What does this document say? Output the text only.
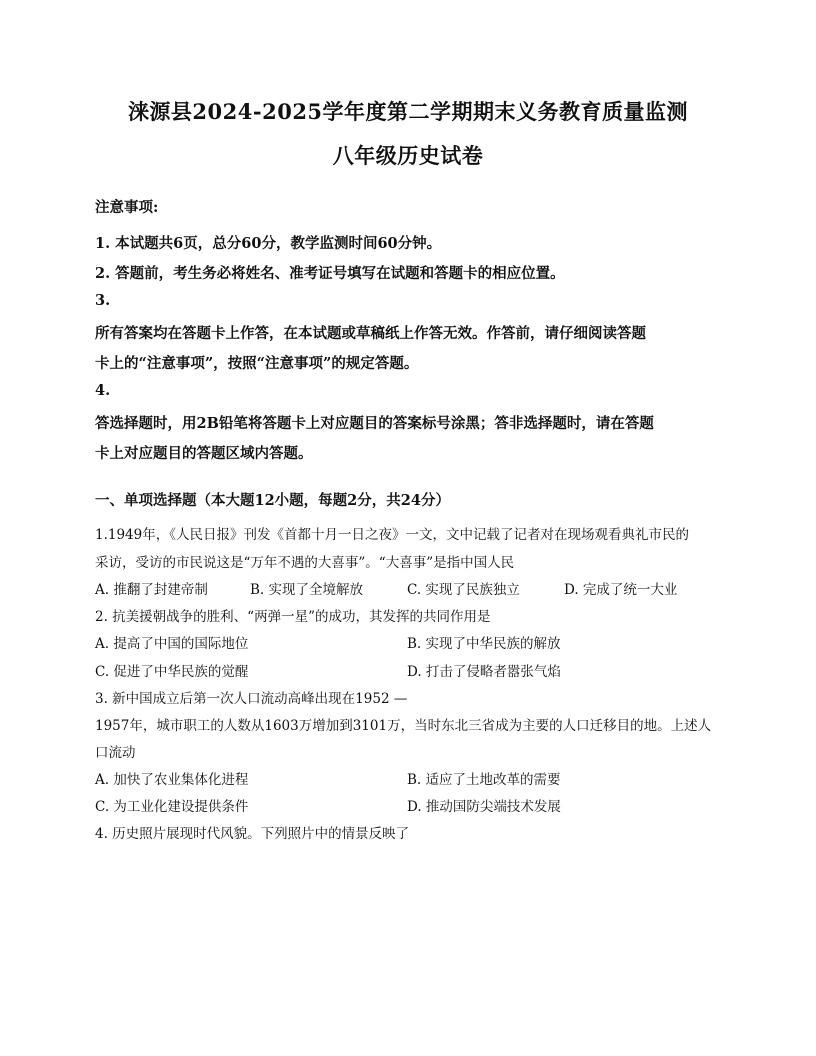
涞源县2024-2025学年度第二学期期末义务教育质量监测
八年级历史试卷
注意事项:
1. 本试题共6页，总分60分，教学监测时间60分钟。
2. 答题前，考生务必将姓名、准考证号填写在试题和答题卡的相应位置。
3.
所有答案均在答题卡上作答，在本试题或草稿纸上作答无效。作答前，请仔细阅读答题
卡上的“注意事项”，按照“注意事项”的规定答题。
4.
答选择题时，用2B铅笔将答题卡上对应题目的答案标号涂黑；答非选择题时，请在答题
卡上对应题目的答题区域内答题。
一、单项选择题（本大题12小题，每题2分，共24分）
1.1949年，《人民日报》刊发《首都十月一日之夜》一文，文中记载了记者对在现场观看典礼市民的
采访，受访的市民说这是“万年不遇的大喜事”。“大喜事”是指中国人民
A. 推翻了封建帝制	B. 实现了全境解放	C. 实现了民族独立	D. 完成了统一大业
2. 抗美援朝战争的胜利、“两弹一星”的成功，其发挥的共同作用是
A. 提高了中国的国际地位	B. 实现了中华民族的解放
C. 促进了中华民族的觉醒	D. 打击了侵略者嚣张气焰
3. 新中国成立后第一次人口流动高峰出现在1952 —
1957年，城市职工的人数从1603万增加到3101万，当时东北三省成为主要的人口迁移目的地。上述人
口流动
A. 加快了农业集体化进程	B. 适应了土地改革的需要
C. 为工业化建设提供条件	D. 推动国防尖端技术发展
4. 历史照片展现时代风貌。下列照片中的情景反映了
